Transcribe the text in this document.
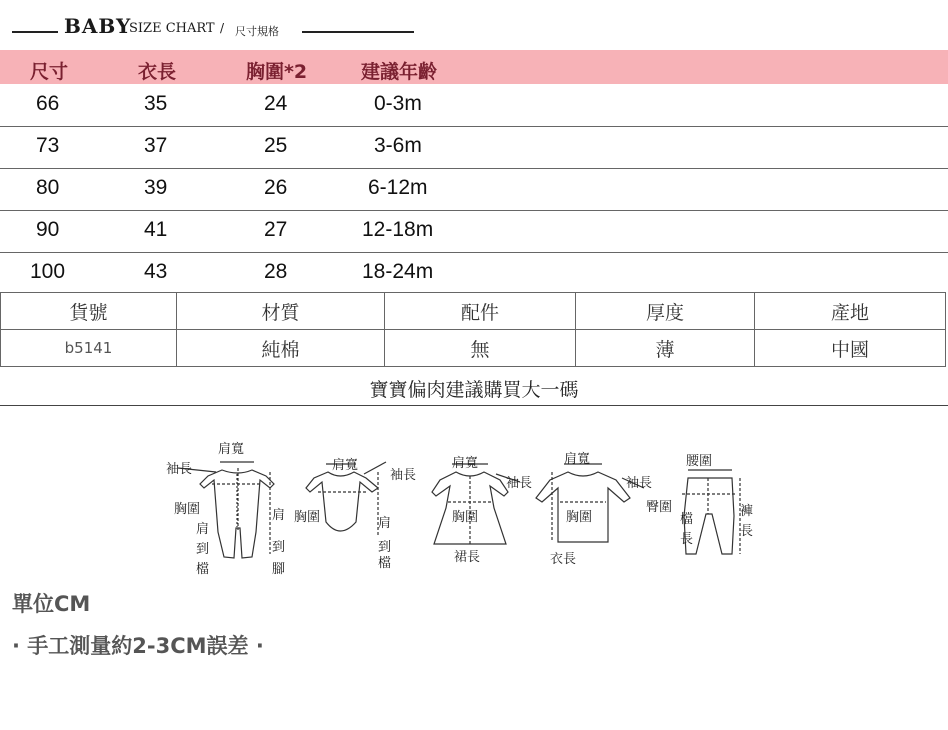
BABY
SIZE CHART / 尺寸規格
尺寸	衣長	胸圍*2	建議年齡
66	35	24	0-3m
73	37	25	3-6m
80	39	26	6-12m
90	41	27	12-18m
100	43	28	18-24m
貨號	材質	配件	厚度	產地
b5141	純棉	無	薄	中國
寶寶偏肉建議購買大一碼
肩寬
袖長
胸圍
肩
到
檔
肩
到
腳
肩寬
袖長
胸圍	肩
到
檔
肩寬
袖長
胸圍
裙長
肩寬
袖長
胸圍
衣長
腰圍
臀圍
檔
長
褲
長
單位CM
· 手工測量約2-3CM誤差 ·
